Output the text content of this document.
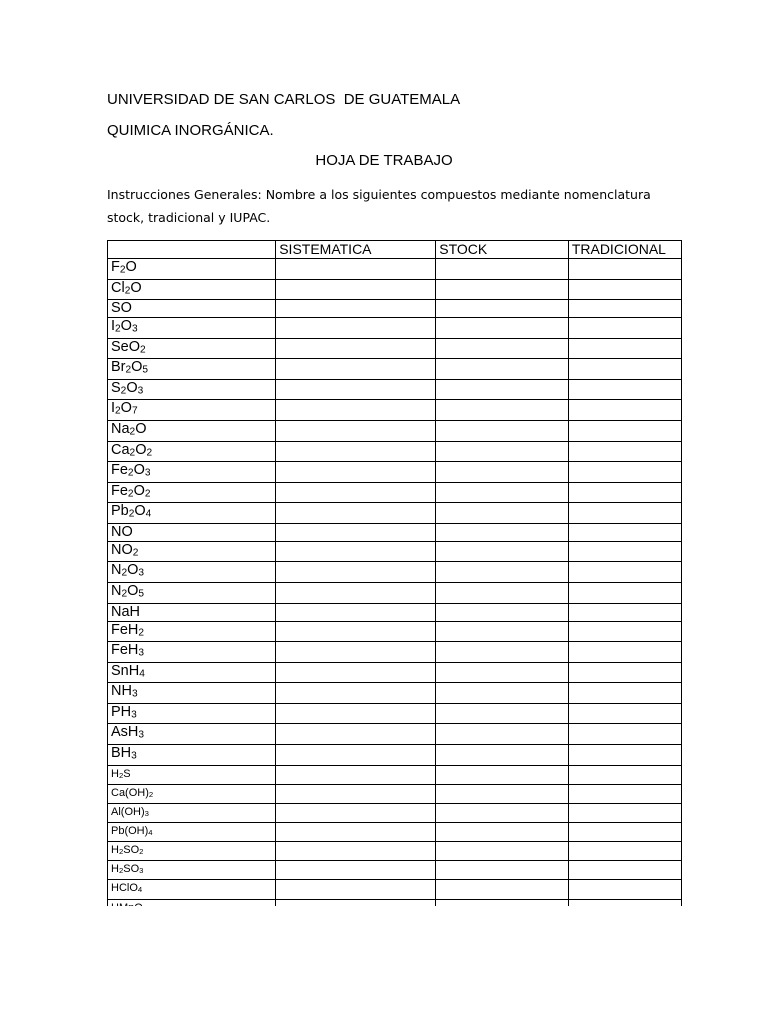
UNIVERSIDAD DE SAN CARLOS  DE GUATEMALA
QUIMICA INORGÁNICA.
HOJA DE TRABAJO
Instrucciones Generales: Nombre a los siguientes compuestos mediante nomenclatura stock, tradicional y IUPAC.
	SISTEMATICA	STOCK	TRADICIONAL
F2O			
Cl2O			
SO			
I2O3			
SeO2			
Br2O5			
S2O3			
I2O7			
Na2O			
Ca2O2			
Fe2O3			
Fe2O2			
Pb2O4			
NO			
NO2			
N2O3			
N2O5			
NaH			
FeH2			
FeH3			
SnH4			
NH3			
PH3			
AsH3			
BH3			
H2S			
Ca(OH)2			
Al(OH)3			
Pb(OH)4			
H2SO2			
H2SO3			
HClO4			
